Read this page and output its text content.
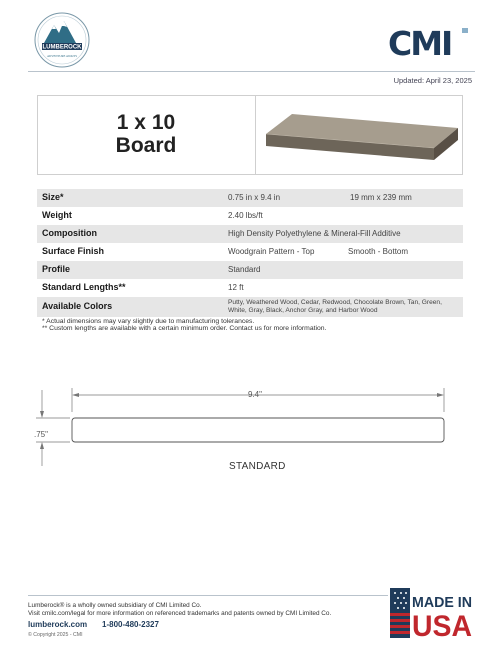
LUMBEROCK
ADVENTURE AWAITS	CMI
Updated: April 23, 2025
1 x 10
Board
Size*	0.75 in x 9.4 in	19 mm x 239 mm
Weight	2.40 lbs/ft
Composition	High Density Polyethylene & Mineral-Fill Additive
Surface Finish	Woodgrain Pattern - Top	Smooth - Bottom
Profile	Standard
Standard Lengths**	12 ft
Available Colors	Putty, Weathered Wood, Cedar, Redwood, Chocolate Brown, Tan, Green, White, Gray, Black, Anchor Gray, and Harbor Wood
* Actual dimensions may vary slightly due to manufacturing tolerances.
** Custom lengths are available with a certain minimum order. Contact us for more information.
9.4"
.75"
STANDARD
Lumberock® is a wholly owned subsidiary of CMI Limited Co.
Visit cmilc.com/legal for more information on referenced trademarks and patents owned by CMI Limited Co.
lumberock.com 1-800-480-2327
© Copyright 2025 - CMI
MADE IN
USA
